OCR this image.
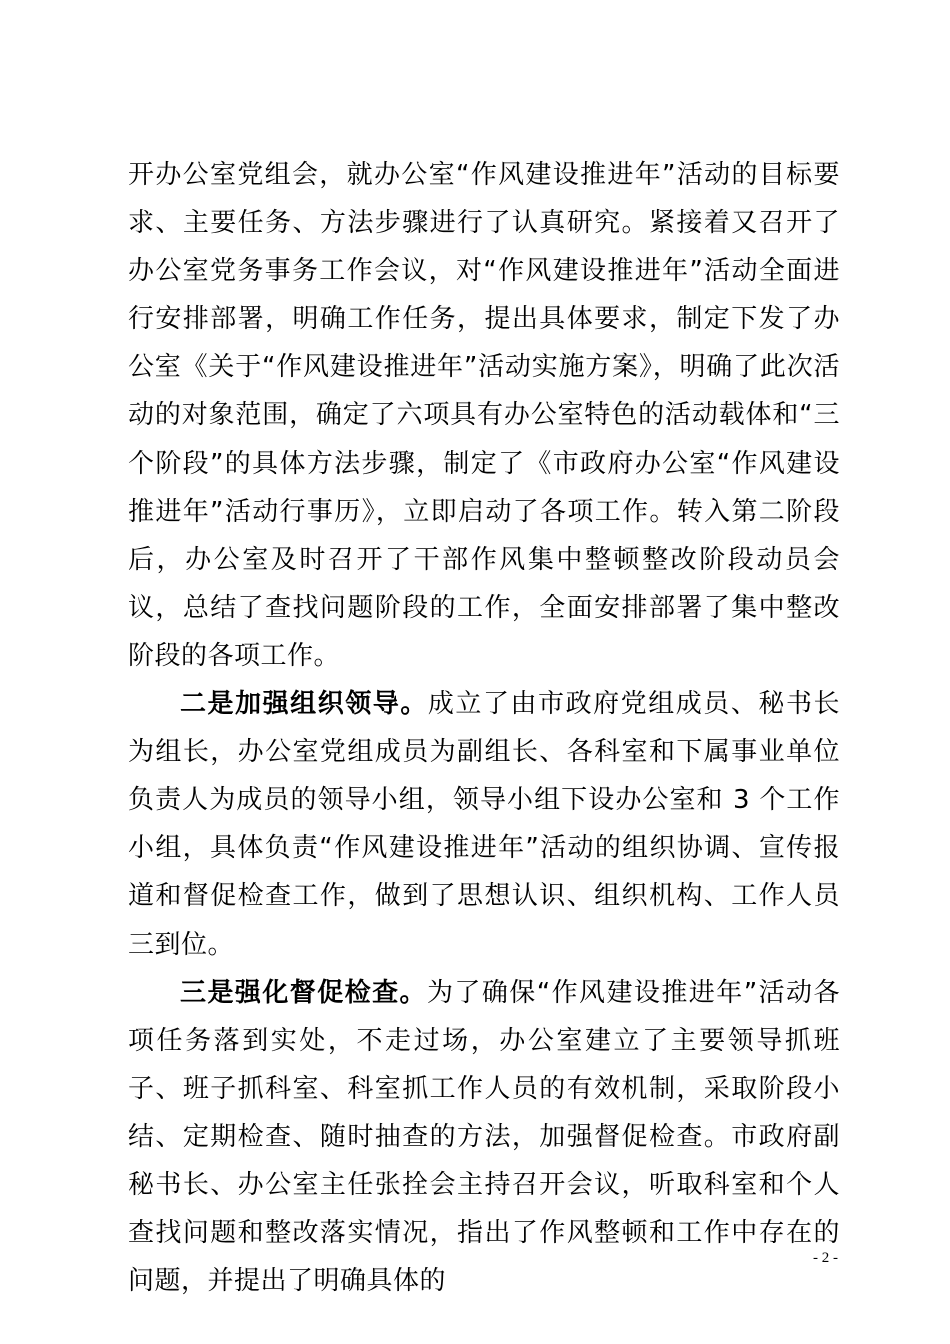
开办公室党组会，就办公室“作风建设推进年”活动的目标要求、主要任务、方法步骤进行了认真研究。紧接着又召开了办公室党务事务工作会议，对“作风建设推进年”活动全面进行安排部署，明确工作任务，提出具体要求，制定下发了办公室《关于“作风建设推进年”活动实施方案》，明确了此次活动的对象范围，确定了六项具有办公室特色的活动载体和“三个阶段”的具体方法步骤，制定了《市政府办公室“作风建设推进年”活动行事历》，立即启动了各项工作。转入第二阶段后，办公室及时召开了干部作风集中整顿整改阶段动员会议，总结了查找问题阶段的工作，全面安排部署了集中整改阶段的各项工作。

二是加强组织领导。成立了由市政府党组成员、秘书长为组长，办公室党组成员为副组长、各科室和下属事业单位负责人为成员的领导小组，领导小组下设办公室和 3 个工作小组，具体负责“作风建设推进年”活动的组织协调、宣传报道和督促检查工作，做到了思想认识、组织机构、工作人员三到位。

三是强化督促检查。为了确保“作风建设推进年”活动各项任务落到实处，不走过场，办公室建立了主要领导抓班子、班子抓科室、科室抓工作人员的有效机制，采取阶段小结、定期检查、随时抽查的方法，加强督促检查。市政府副秘书长、办公室主任张拴会主持召开会议，听取科室和个人查找问题和整改落实情况，指出了作风整顿和工作中存在的问题，并提出了明确具体的

- 2 -
